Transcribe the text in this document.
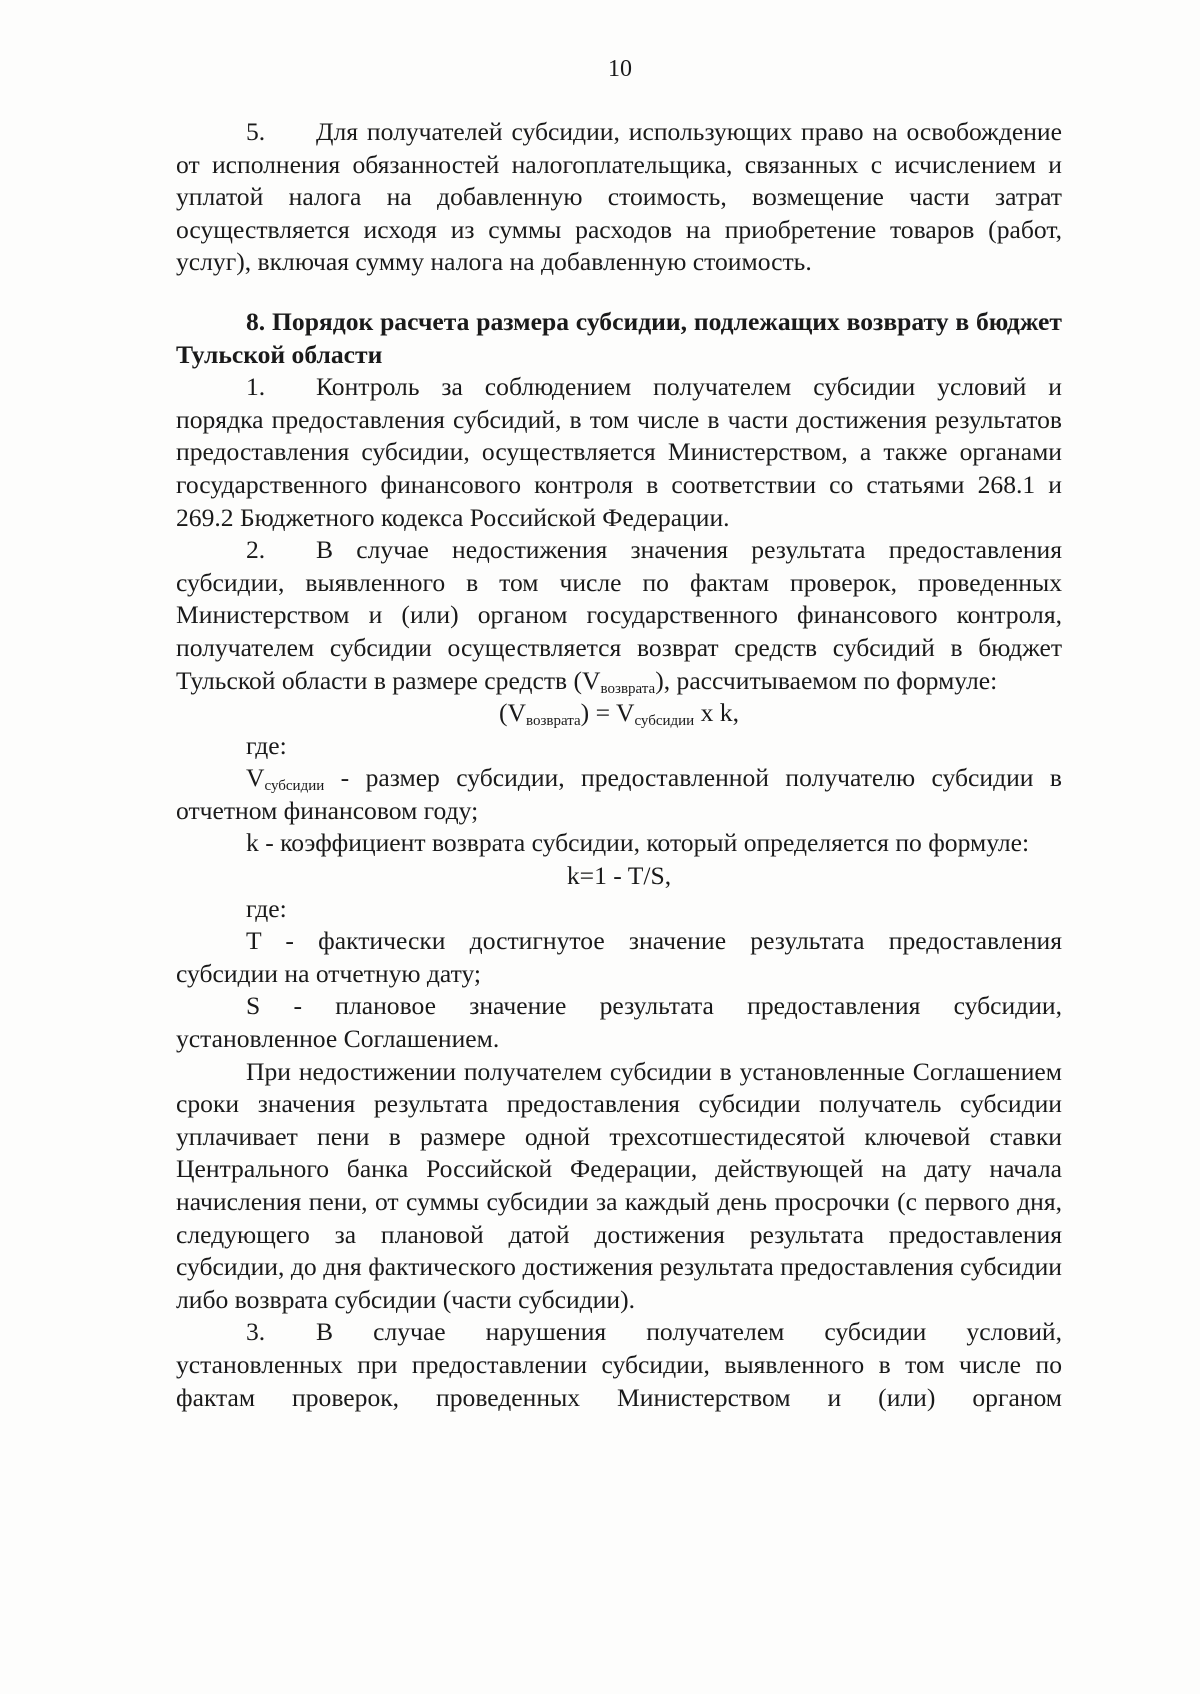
10

5. Для получателей субсидии, использующих право на освобождение от исполнения обязанностей налогоплательщика, связанных с исчислением и уплатой налога на добавленную стоимость, возмещение части затрат осуществляется исходя из суммы расходов на приобретение товаров (работ, услуг), включая сумму налога на добавленную стоимость.

8. Порядок расчета размера субсидии, подлежащих возврату в бюджет Тульской области

1. Контроль за соблюдением получателем субсидии условий и порядка предоставления субсидий, в том числе в части достижения результатов предоставления субсидии, осуществляется Министерством, а также органами государственного финансового контроля в соответствии со статьями 268.1 и 269.2 Бюджетного кодекса Российской Федерации.

2. В случае недостижения значения результата предоставления субсидии, выявленного в том числе по фактам проверок, проведенных Министерством и (или) органом государственного финансового контроля, получателем субсидии осуществляется возврат средств субсидий в бюджет Тульской области в размере средств $(V_{возврата})$, рассчитываемом по формуле:

$(V_{возврата}) = V_{субсидии}$ x k,

где:

$V_{субсидии}$ - размер субсидии, предоставленной получателю субсидии в отчетном финансовом году;

k - коэффициент возврата субсидии, который определяется по формуле:

k=1 - T/S,

где:

T - фактически достигнутое значение результата предоставления субсидии на отчетную дату;

S - плановое значение результата предоставления субсидии, установленное Соглашением.

При недостижении получателем субсидии в установленные Соглашением сроки значения результата предоставления субсидии получатель субсидии уплачивает пени в размере одной трехсотшестидесятой ключевой ставки Центрального банка Российской Федерации, действующей на дату начала начисления пени, от суммы субсидии за каждый день просрочки (с первого дня, следующего за плановой датой достижения результата предоставления субсидии, до дня фактического достижения результата предоставления субсидии либо возврата субсидии (части субсидии).

3. В случае нарушения получателем субсидии условий, установленных при предоставлении субсидии, выявленного в том числе по фактам проверок, проведенных Министерством и (или) органом
